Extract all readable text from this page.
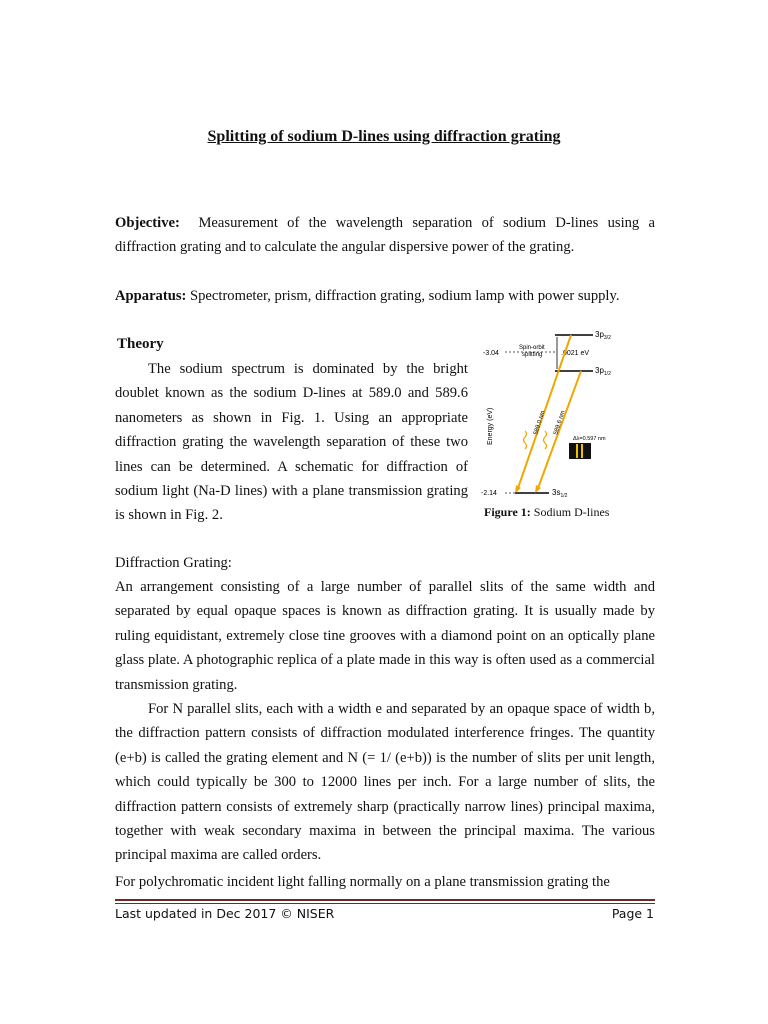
Splitting of sodium D-lines using diffraction grating
Objective: Measurement of the wavelength separation of sodium D-lines using a diffraction grating and to calculate the angular dispersive power of the grating.
Apparatus: Spectrometer, prism, diffraction grating, sodium lamp with power supply.
Theory
The sodium spectrum is dominated by the bright doublet known as the sodium D-lines at 589.0 and 589.6 nanometers as shown in Fig. 1. Using an appropriate diffraction grating the wavelength separation of these two lines can be determined. A schematic for diffraction of sodium light (Na-D lines) with a plane transmission grating is shown in Fig. 2.
Energy (eV)
-3.04
-2.14
Spin-orbit
splitting	.0021 eV
$3p_{3/2}$
$3p_{1/2}$
$3s_{1/2}$
589.0 nm 589.6 nm
Δλ=0.597 nm
Figure 1: Sodium D-lines
Diffraction Grating:
An arrangement consisting of a large number of parallel slits of the same width and separated by equal opaque spaces is known as diffraction grating. It is usually made by ruling equidistant, extremely close tine grooves with a diamond point on an optically plane glass plate. A photographic replica of a plate made in this way is often used as a commercial transmission grating.
For N parallel slits, each with a width e and separated by an opaque space of width b, the diffraction pattern consists of diffraction modulated interference fringes. The quantity (e+b) is called the grating element and N (= 1/ (e+b)) is the number of slits per unit length, which could typically be 300 to 12000 lines per inch. For a large number of slits, the diffraction pattern consists of extremely sharp (practically narrow lines) principal maxima, together with weak secondary maxima in between the principal maxima. The various principal maxima are called orders.
For polychromatic incident light falling normally on a plane transmission grating the
Last updated in Dec 2017 © NISER	Page 1
